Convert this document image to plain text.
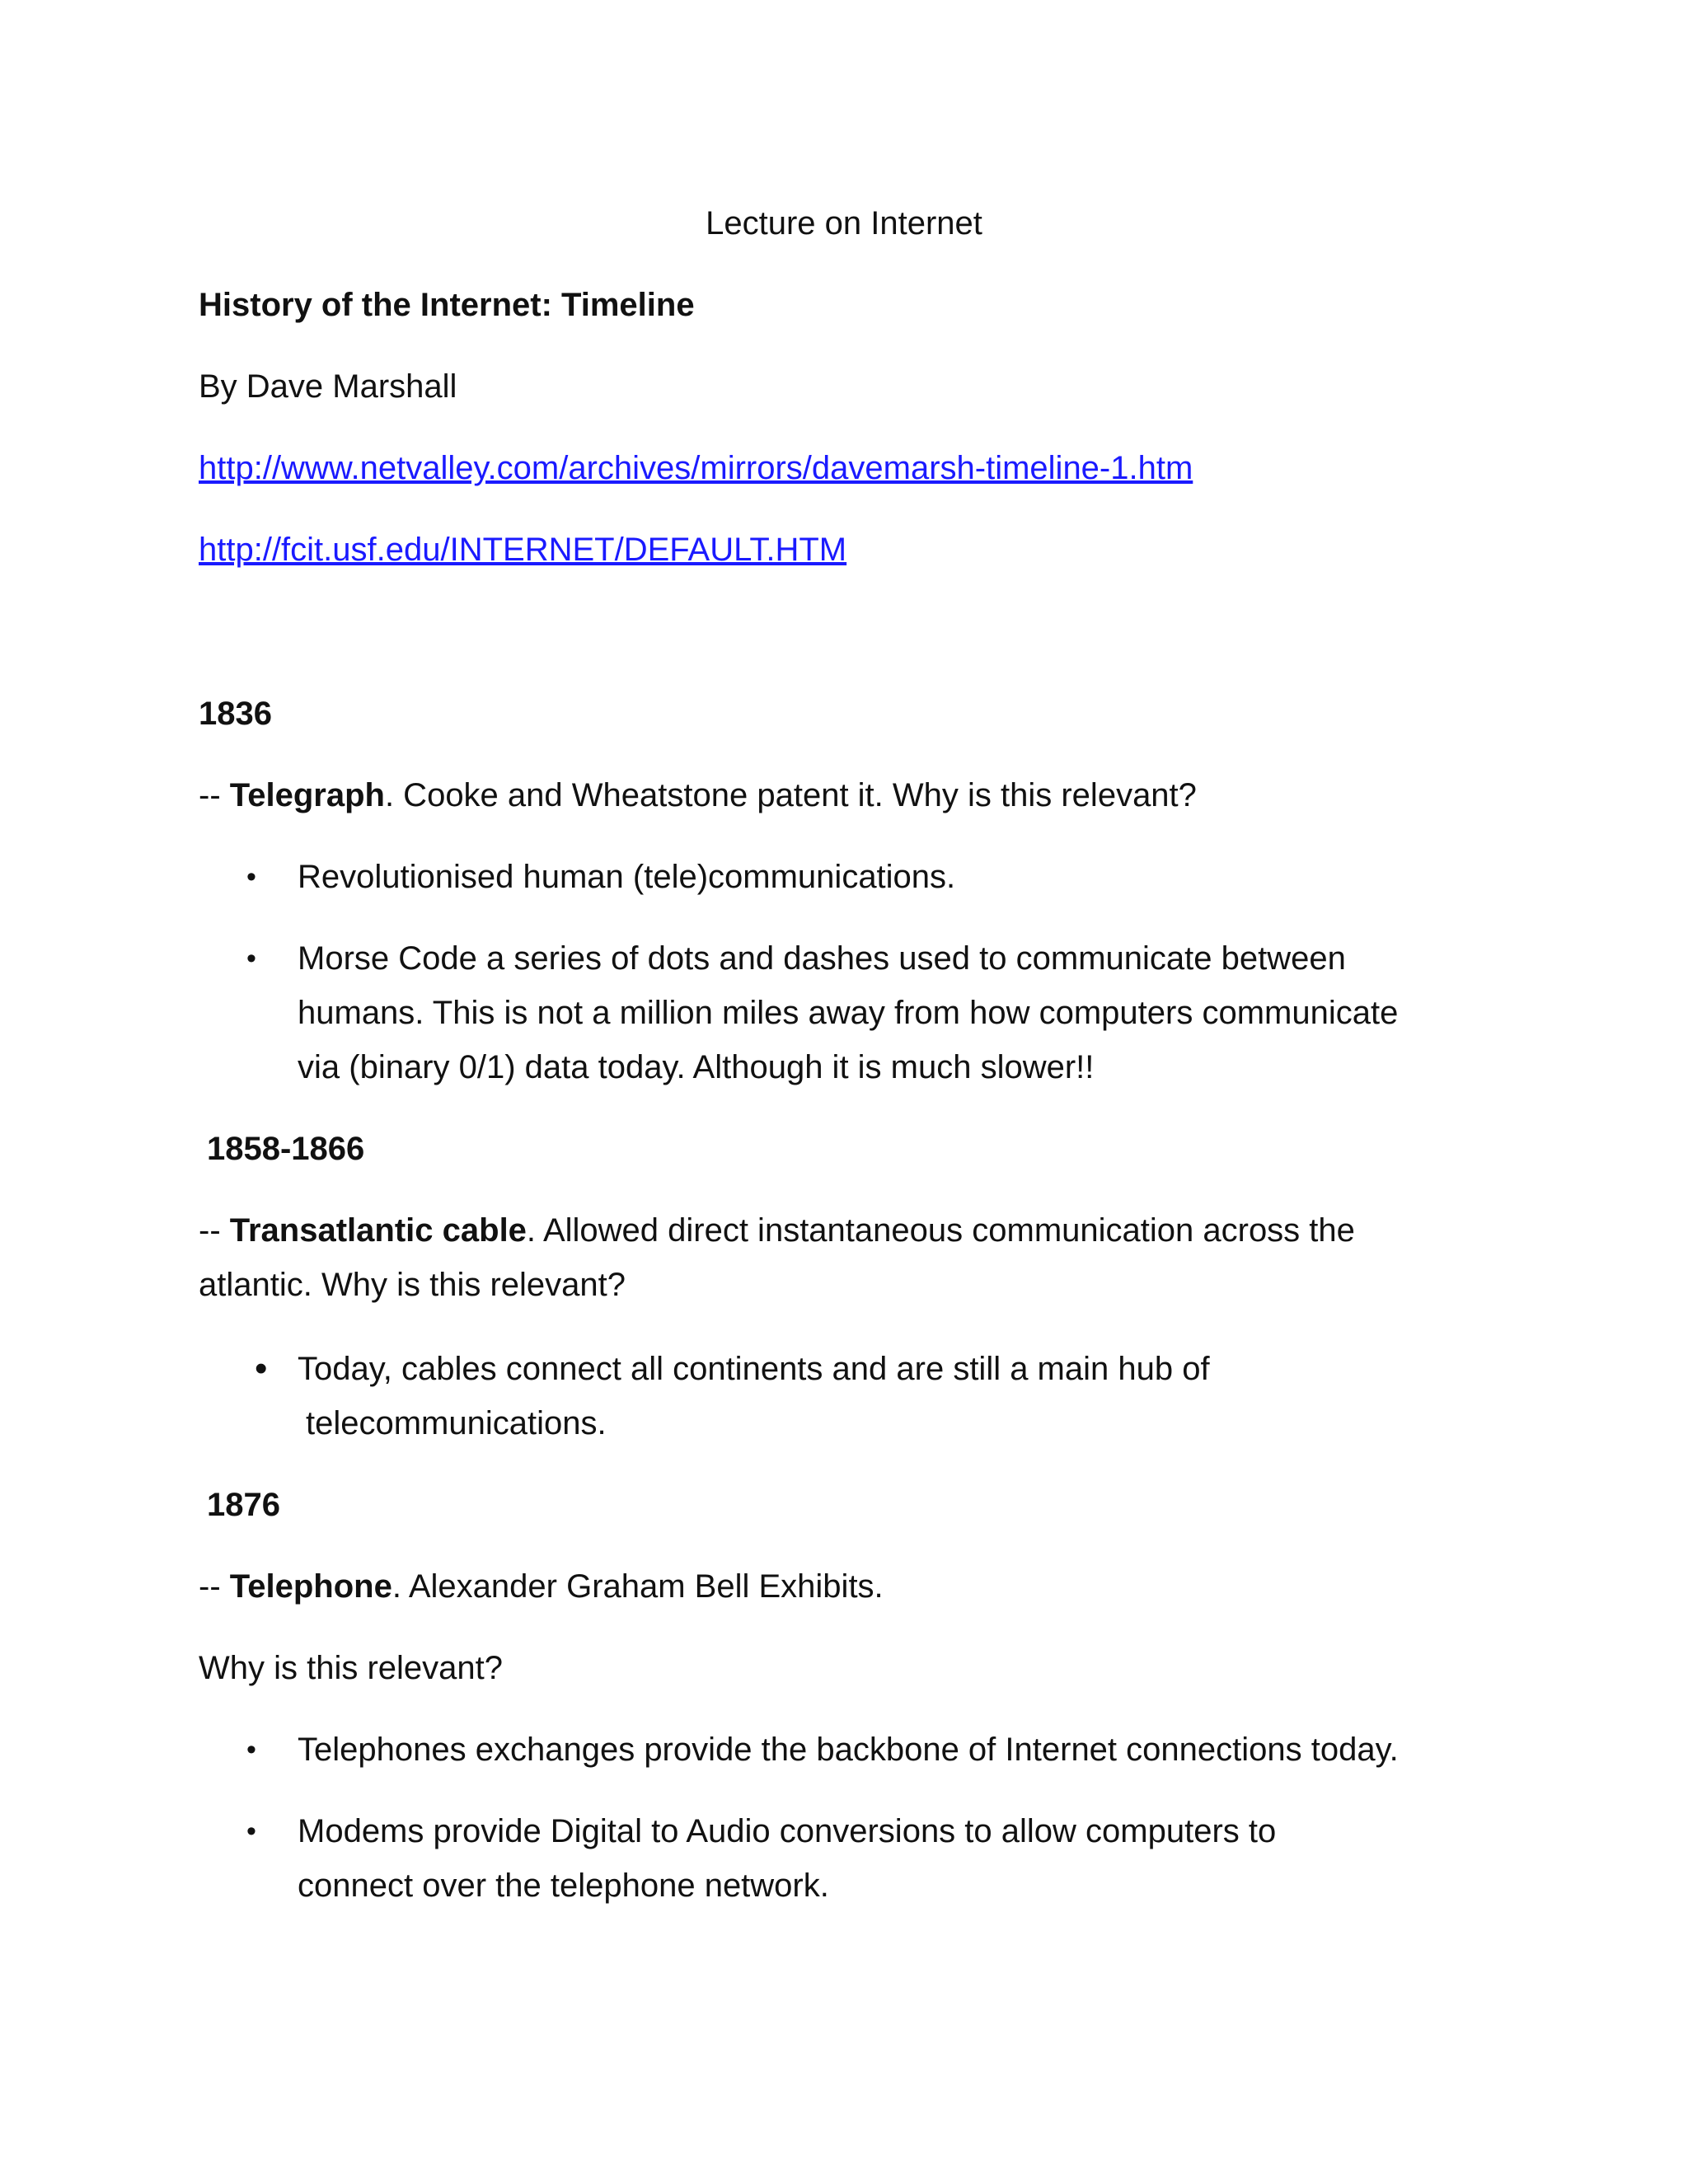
Lecture on Internet
History of the Internet: Timeline
By Dave Marshall
http://www.netvalley.com/archives/mirrors/davemarsh-timeline-1.htm
http://fcit.usf.edu/INTERNET/DEFAULT.HTM
1836
-- Telegraph. Cooke and Wheatstone patent it. Why is this relevant?
• Revolutionised human (tele)communications.
• Morse Code a series of dots and dashes used to communicate between
humans. This is not a million miles away from how computers communicate
via (binary 0/1) data today. Although it is much slower!!
1858-1866
-- Transatlantic cable. Allowed direct instantaneous communication across the
atlantic. Why is this relevant?
• Today, cables connect all continents and are still a main hub of
telecommunications.
1876
-- Telephone. Alexander Graham Bell Exhibits.
Why is this relevant?
• Telephones exchanges provide the backbone of Internet connections today.
• Modems provide Digital to Audio conversions to allow computers to
connect over the telephone network.
